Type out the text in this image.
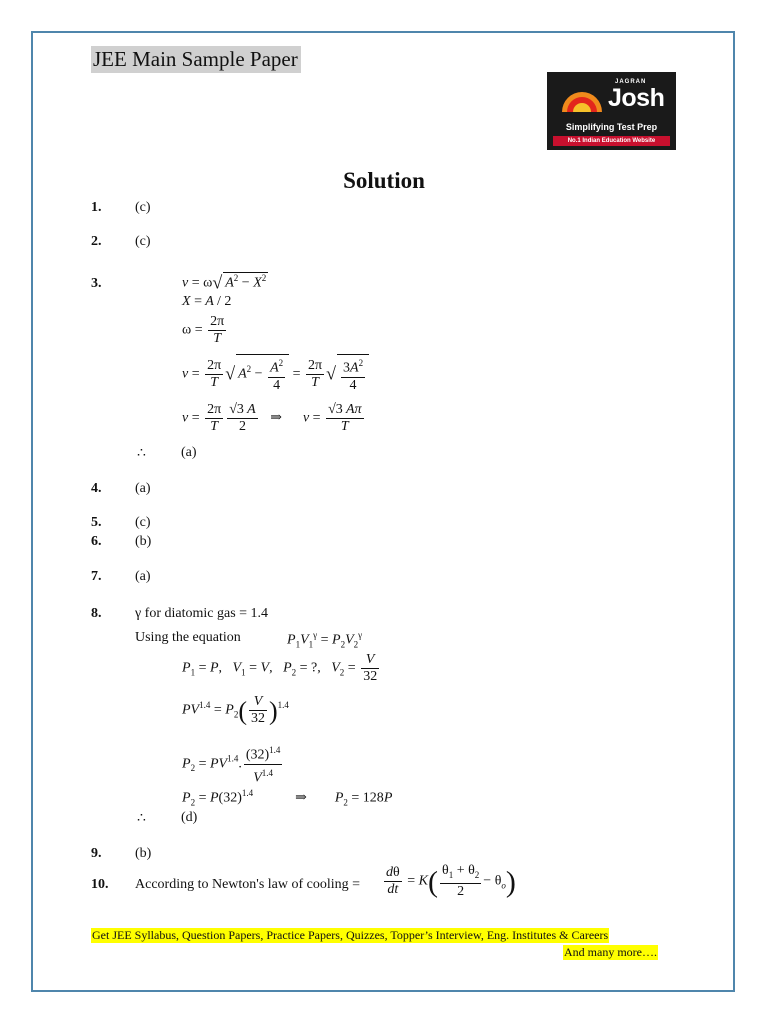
JEE Main Sample Paper
JAGRAN
Josh
Simplifying Test Prep
No.1 Indian Education Website
Solution
1. (c)
2. (c)
3.	v = ω√ $A^2 - X^2$
X = A / 2
$\omega = \frac{2\pi}{T}$
$v = \frac{2\pi}{T}$ √ $A^2 - \frac{A^2}{4} = \frac{2\pi}{T}$ √ $\frac{3A^2}{4}$
$v = \frac{2\pi}{T} \frac{√3 A}{2}$ ⇒      $v = \frac{√3 A\pi}{T}$
∴	(a)
4. (a)
5. (c)
6. (b)
7. (a)
8. γ for diatomic gas = 1.4
Using the equation	$P_1V_1^\gamma = P_2V_2^\gamma$
$P_1 = P$,   $V_1 = V$,   $P_2$ = ?,   $V_2 = \frac{V}{32}$
$PV^{1.4} = P_2( \frac{V}{32} )^{1.4}$
$P_2 = PV^{1.4}$. $\frac{(32)^{1.4}}{V^{1.4}}$
$P_2 = P(32)^{1.4}$            ⇒        $P_2 = 128P$
∴	(d)
9. (b)
10. According to Newton's law of cooling = $\frac{d\theta}{dt} = K( \frac{\theta_1 + \theta_2}{2} - \theta_o)$
Get JEE Syllabus, Question Papers, Practice Papers, Quizzes, Topper’s Interview, Eng. Institutes & Careers
And many more….
